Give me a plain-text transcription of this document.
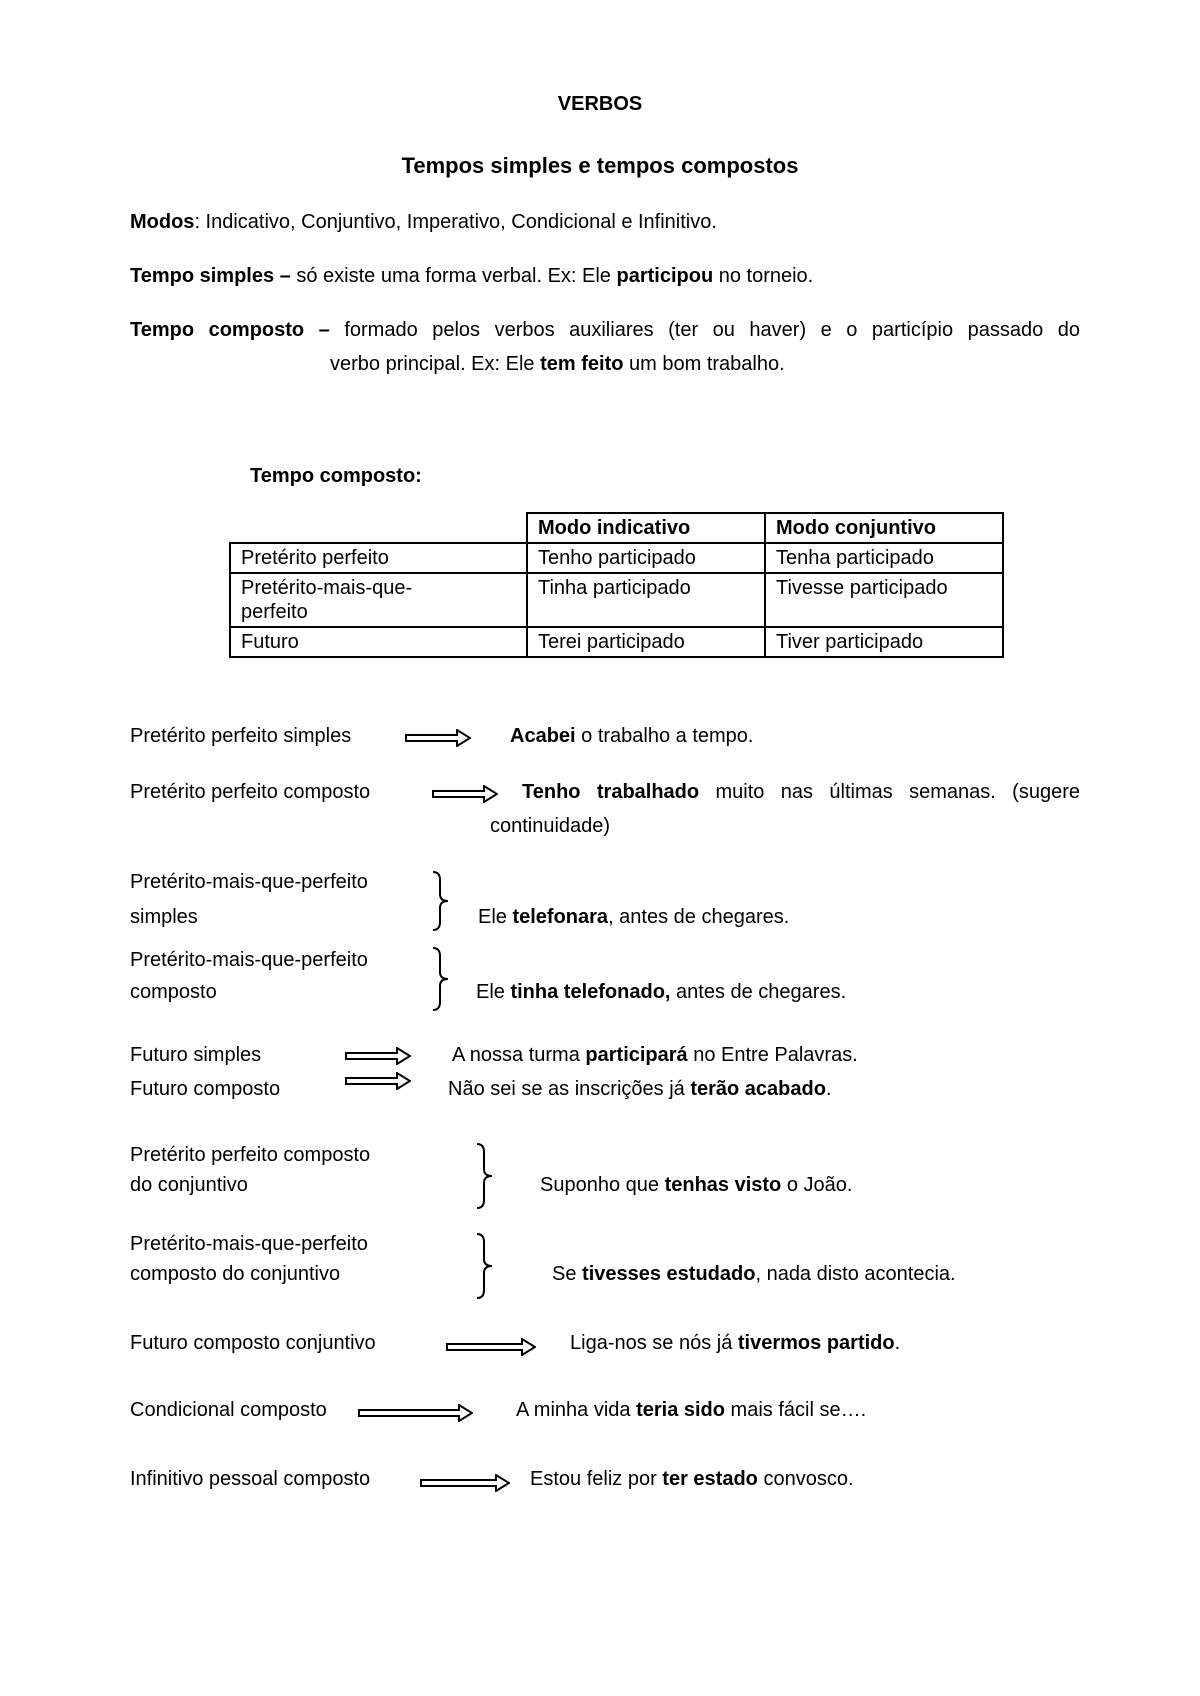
VERBOS
Tempos simples e tempos compostos
Modos: Indicativo, Conjuntivo, Imperativo, Condicional e Infinitivo.
Tempo simples – só existe uma forma verbal. Ex: Ele participou no torneio.
Tempo composto – formado pelos verbos auxiliares (ter ou haver) e o particípio passado do
verbo principal. Ex: Ele tem feito um bom trabalho.
Tempo composto:
	Modo indicativo	Modo conjuntivo
Pretérito perfeito	Tenho participado	Tenha participado

Pretérito-mais-que-perfeito	Tinha participado	Tivesse participado
Futuro	Terei participado	Tiver participado
Pretérito perfeito simples	Acabei o trabalho a tempo.
Pretérito perfeito composto	Tenho trabalhado muito nas últimas semanas. (sugere
continuidade)
Pretérito-mais-que-perfeito
simples	Ele telefonara, antes de chegares.
Pretérito-mais-que-perfeito
composto	Ele tinha telefonado, antes de chegares.
Futuro simples	A nossa turma participará no Entre Palavras.
Futuro composto	Não sei se as inscrições já terão acabado.
Pretérito perfeito composto
do conjuntivo	Suponho que tenhas visto o João.
Pretérito-mais-que-perfeito
composto do conjuntivo	Se tivesses estudado, nada disto acontecia.
Futuro composto conjuntivo	Liga-nos se nós já tivermos partido.
Condicional composto	A minha vida teria sido mais fácil se….
Infinitivo pessoal composto	Estou feliz por ter estado convosco.
